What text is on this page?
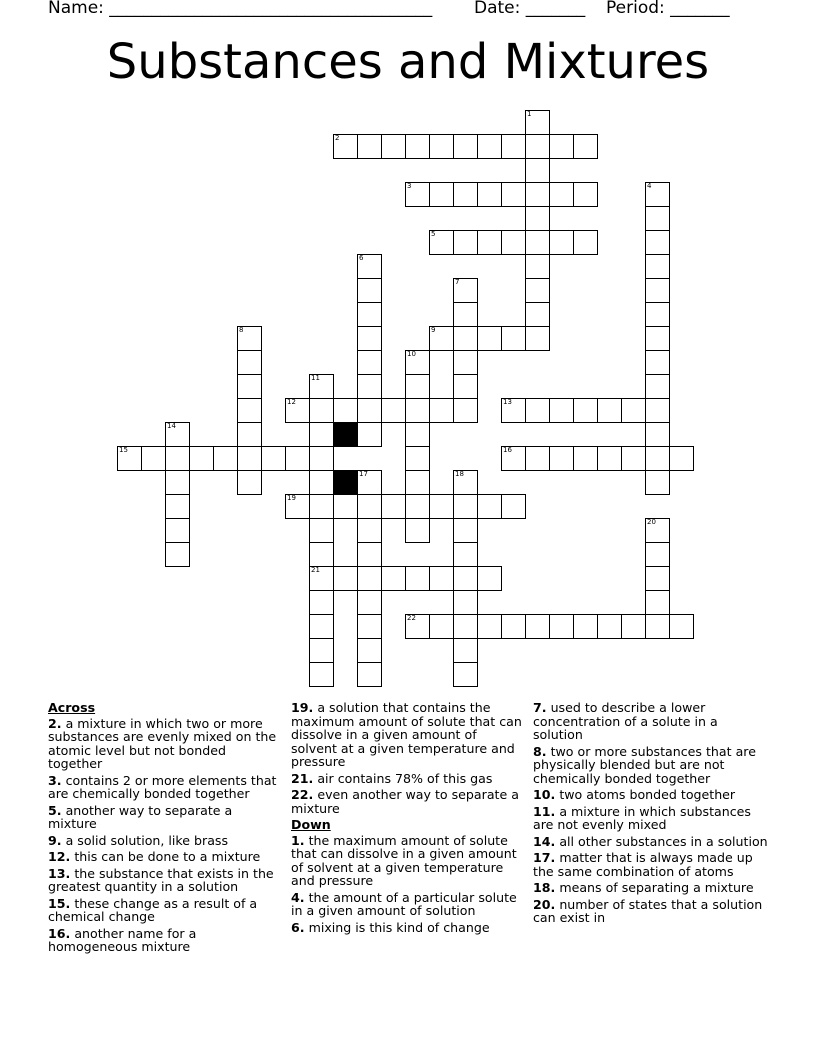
Name: ______________________________________ Date: _______ Period: _______
Substances and Mixtures
1
2
3	4
5
6
7
8	9
10
11
21
12	13
14
15	16
17	18
19
20
22
Across
2. a mixture in which two or more substances are evenly mixed on the atomic level but not bonded together
3. contains 2 or more elements that are chemically bonded together
5. another way to separate a mixture
9. a solid solution, like brass
12. this can be done to a mixture
13. the substance that exists in the greatest quantity in a solution
15. these change as a result of a chemical change
16. another name for a homogeneous mixture
19. a solution that contains the maximum amount of solute that can dissolve in a given amount of solvent at a given temperature and pressure
21. air contains 78% of this gas
22. even another way to separate a mixture
Down
1. the maximum amount of solute that can dissolve in a given amount of solvent at a given temperature and pressure
4. the amount of a particular solute in a given amount of solution
6. mixing is this kind of change
7. used to describe a lower concentration of a solute in a solution
8. two or more substances that are physically blended but are not chemically bonded together
10. two atoms bonded together
11. a mixture in which substances are not evenly mixed
14. all other substances in a solution
17. matter that is always made up the same combination of atoms
18. means of separating a mixture
20. number of states that a solution can exist in
